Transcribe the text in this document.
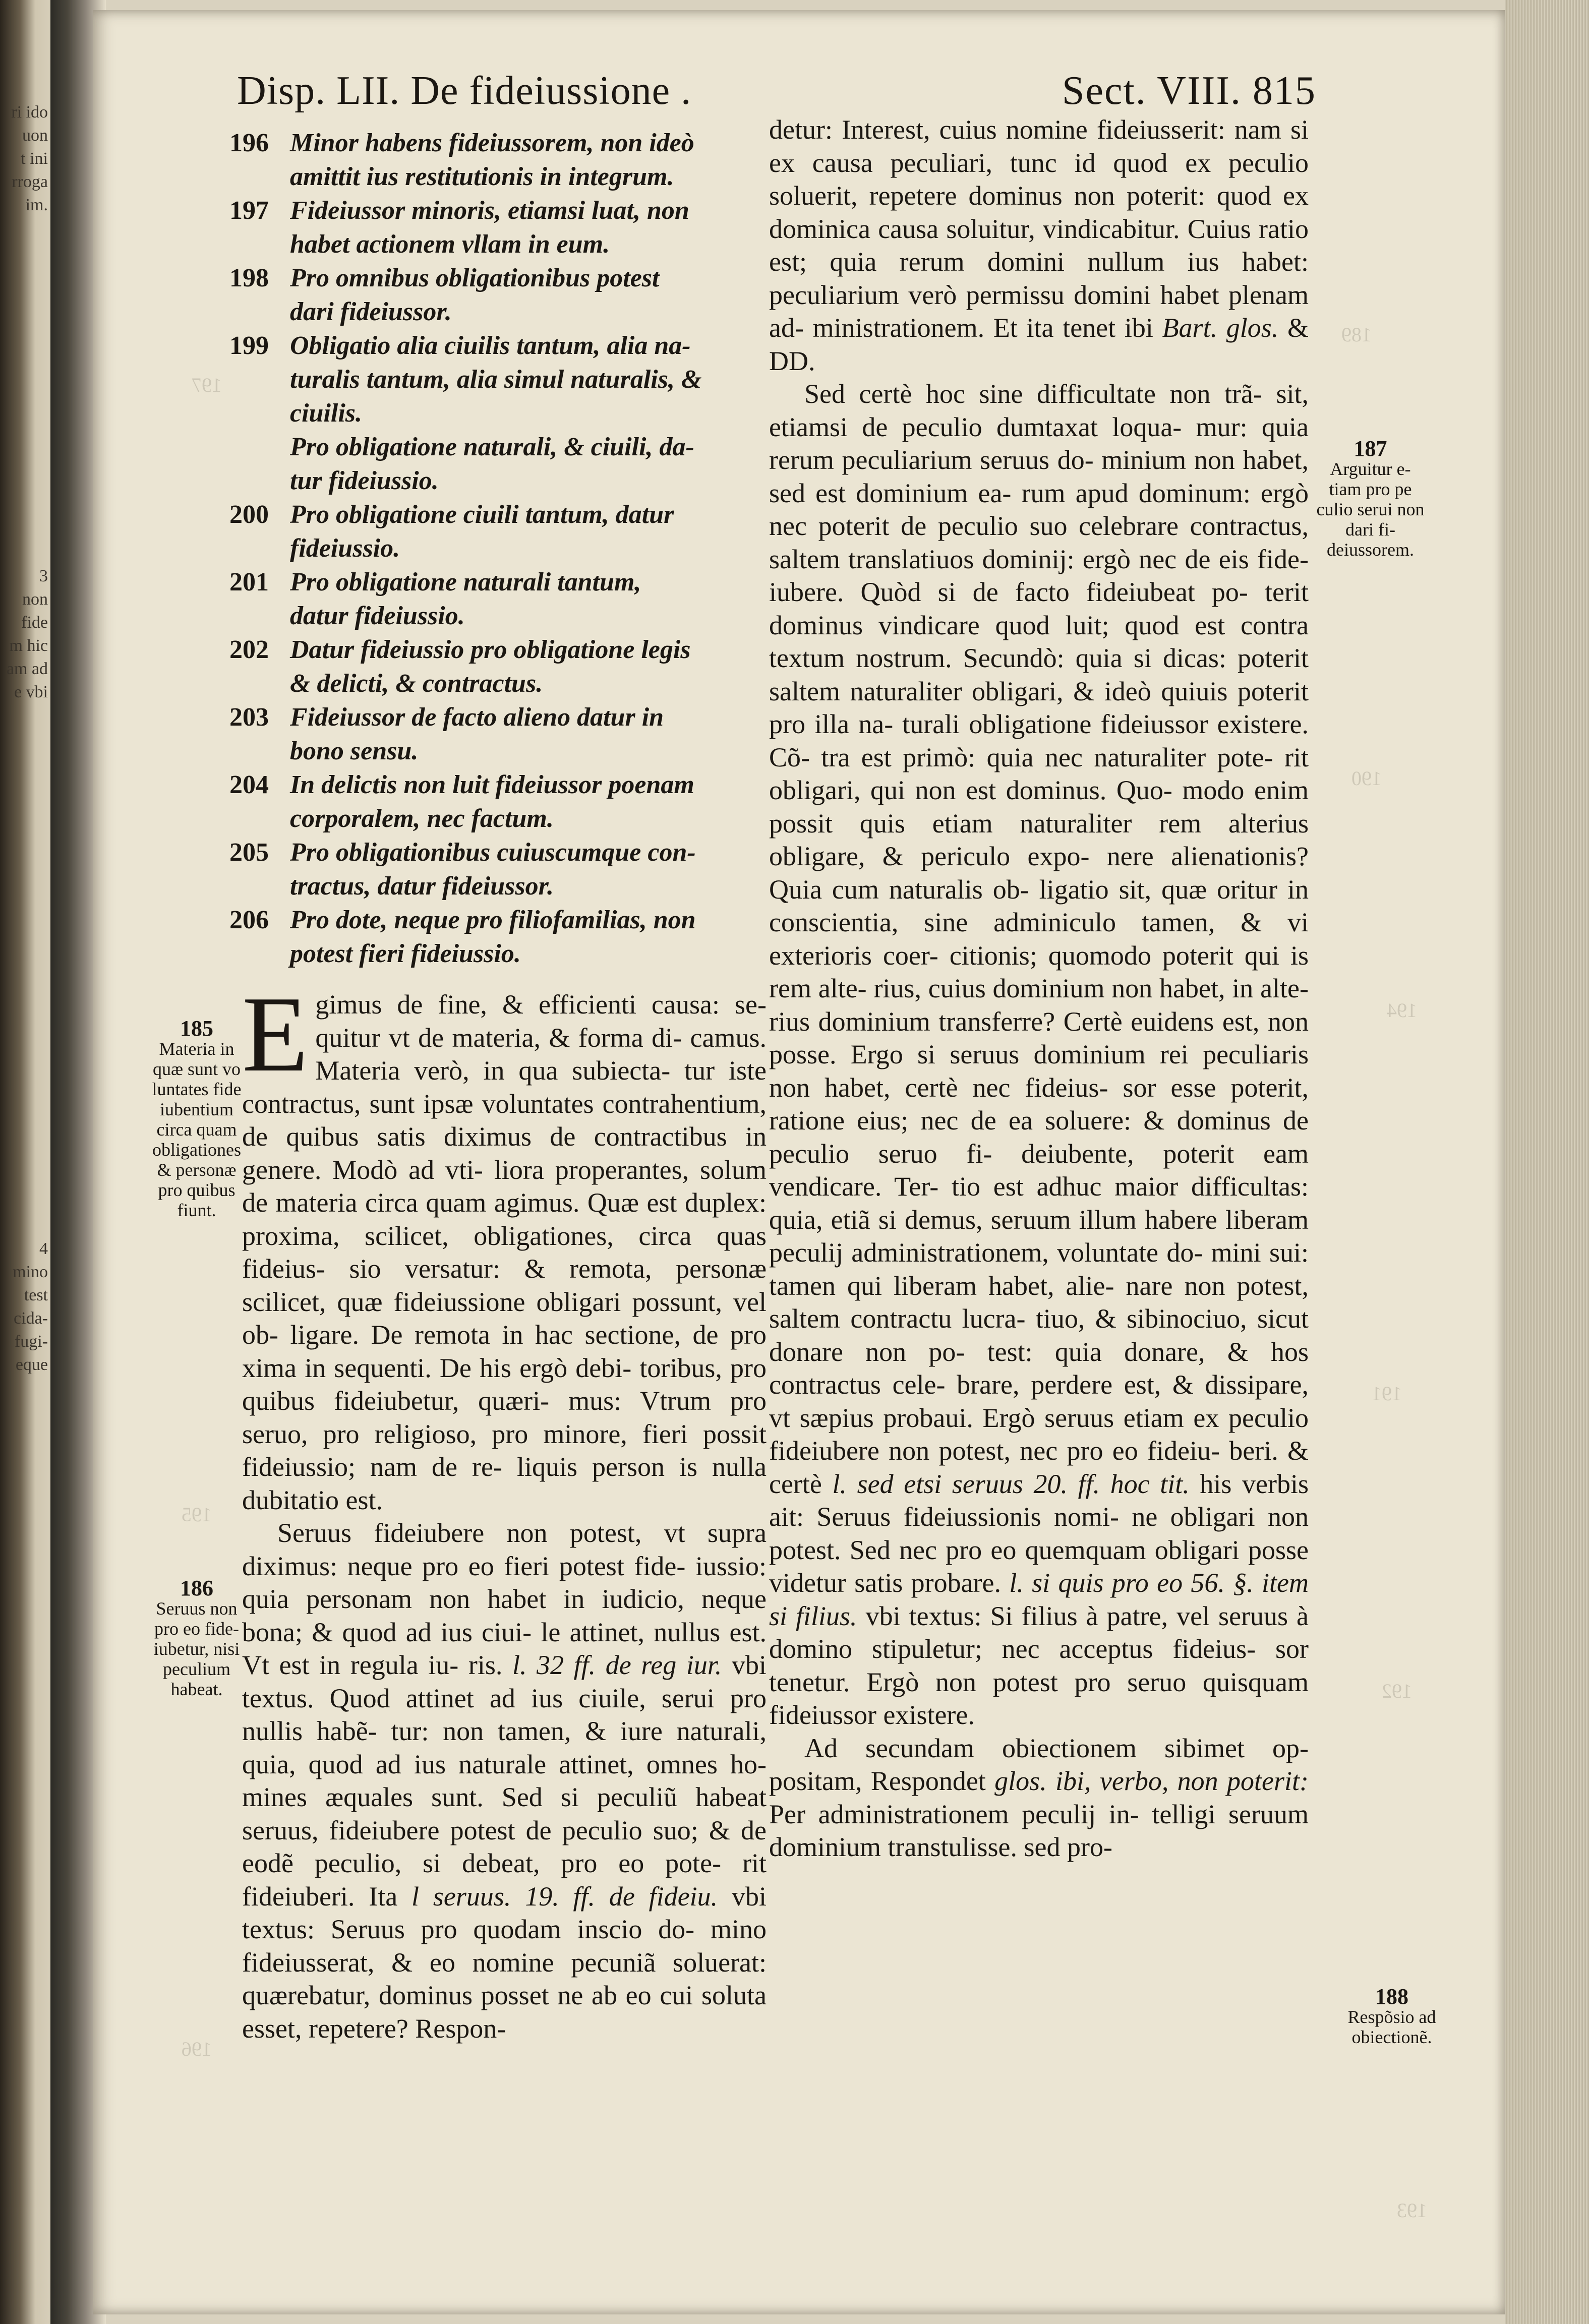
ri ido
uon
t ini
rroga
im.
3
non
fide
m hic
am ad
e vbi
4
mino
test
cida-
fugi-
eque
189
190
191
192
193
194
195
196
197
Disp. LII. De fideiussione .	Sect. VIII. 815
196 Minor habens fideiussorem, non ideò
amittit ius restitutionis in integrum.
197 Fideiussor minoris, etiamsi luat, non
habet actionem vllam in eum.
198 Pro omnibus obligationibus potest
dari fideiussor.
199 Obligatio alia ciuilis tantum, alia na-
turalis tantum, alia simul naturalis, &
ciuilis.
Pro obligatione naturali, & ciuili, da-
tur fideiussio.
200 Pro obligatione ciuili tantum, datur
fideiussio.
201 Pro obligatione naturali tantum,
datur fideiussio.
202 Datur fideiussio pro obligatione legis
& delicti, & contractus.
203 Fideiussor de facto alieno datur in
bono sensu.
204 In delictis non luit fideiussor poenam
corporalem, nec factum.
205 Pro obligationibus cuiuscumque con-
tractus, datur fideiussor.
206 Pro dote, neque pro filiofamilias, non
potest fieri fideiussio.

Egimus de fine, & efficienti causa: se- quitur vt de materia, & forma di- camus. Materia verò, in qua subiecta- tur iste contractus, sunt ipsæ voluntates contrahentium, de quibus satis diximus de contractibus in genere. Modò ad vti- liora properantes, solum de materia circa quam agimus. Quæ est duplex: proxima, scilicet, obligationes, circa quas fideius- sio versatur: & remota, personæ scilicet, quæ fideiussione obligari possunt, vel ob- ligare. De remota in hac sectione, de pro xima in sequenti. De his ergò debi- toribus, pro quibus fideiubetur, quæri- mus: Vtrum pro seruo, pro religioso, pro minore, fieri possit fideiussio; nam de re- liquis person is nulla dubitatio est.

Seruus fideiubere non potest, vt supra diximus: neque pro eo fieri potest fide- iussio: quia personam non habet in iudicio, neque bona; & quod ad ius ciui- le attinet, nullus est. Vt est in regula iu- ris. l. 32 ff. de reg iur. vbi textus. Quod attinet ad ius ciuile, serui pro nullis habẽ- tur: non tamen, & iure naturali, quia, quod ad ius naturale attinet, omnes ho- mines æquales sunt. Sed si peculiũ habeat seruus, fideiubere potest de peculio suo; & de eodẽ peculio, si debeat, pro eo pote- rit fideiuberi. Ita l seruus. 19. ff. de fideiu. vbi textus: Seruus pro quodam inscio do- mino fideiusserat, & eo nomine pecuniã soluerat: quærebatur, dominus posset ne ab eo cui soluta esset, repetere? Respon-

detur: Interest, cuius nomine fideiusserit: nam si ex causa peculiari, tunc id quod ex peculio soluerit, repetere dominus non poterit: quod ex dominica causa soluitur, vindicabitur. Cuius ratio est; quia rerum domini nullum ius habet: peculiarium verò permissu domini habet plenam ad- ministrationem. Et ita tenet ibi Bart. glos. & DD.

Sed certè hoc sine difficultate non trã- sit, etiamsi de peculio dumtaxat loqua- mur: quia rerum peculiarium seruus do- minium non habet, sed est dominium ea- rum apud dominum: ergò nec poterit de peculio suo celebrare contractus, saltem translatiuos dominij: ergò nec de eis fide- iubere. Quòd si de facto fideiubeat po- terit dominus vindicare quod luit; quod est contra textum nostrum. Secundò: quia si dicas: poterit saltem naturaliter obligari, & ideò quiuis poterit pro illa na- turali obligatione fideiussor existere. Cõ- tra est primò: quia nec naturaliter pote- rit obligari, qui non est dominus. Quo- modo enim possit quis etiam naturaliter rem alterius obligare, & periculo expo- nere alienationis? Quia cum naturalis ob- ligatio sit, quæ oritur in conscientia, sine adminiculo tamen, & vi exterioris coer- citionis; quomodo poterit qui is rem alte- rius, cuius dominium non habet, in alte- rius dominium transferre? Certè euidens est, non posse. Ergo si seruus dominium rei peculiaris non habet, certè nec fideius- sor esse poterit, ratione eius; nec de ea soluere: & dominus de peculio seruo fi- deiubente, poterit eam vendicare. Ter- tio est adhuc maior difficultas: quia, etiã si demus, seruum illum habere liberam peculij administrationem, voluntate do- mini sui: tamen qui liberam habet, alie- nare non potest, saltem contractu lucra- tiuo, & sibinociuo, sicut donare non po- test: quia donare, & hos contractus cele- brare, perdere est, & dissipare, vt sæpius probaui. Ergò seruus etiam ex peculio fideiubere non potest, nec pro eo fideiu- beri. & certè l. sed etsi seruus 20. ff. hoc tit. his verbis ait: Seruus fideiussionis nomi- ne obligari non potest. Sed nec pro eo quemquam obligari posse videtur satis probare. l. si quis pro eo 56. §. item si filius. vbi textus: Si filius à patre, vel seruus à domino stipuletur; nec acceptus fideius- sor tenetur. Ergò non potest pro seruo quisquam fideiussor existere.

Ad secundam obiectionem sibimet op- positam, Respondet glos. ibi, verbo, non poterit: Per administrationem peculij in- telligi seruum dominium transtulisse. sed pro-

185
Materia in quæ sunt vo luntates fide iubentium circa quam obligationes & personæ pro quibus fiunt.
186
Seruus non pro eo fide- iubetur, nisi peculium habeat.
187
Arguitur e- tiam pro pe culio serui non dari fi- deiussorem.
188
Respõsio ad obiectionẽ.
